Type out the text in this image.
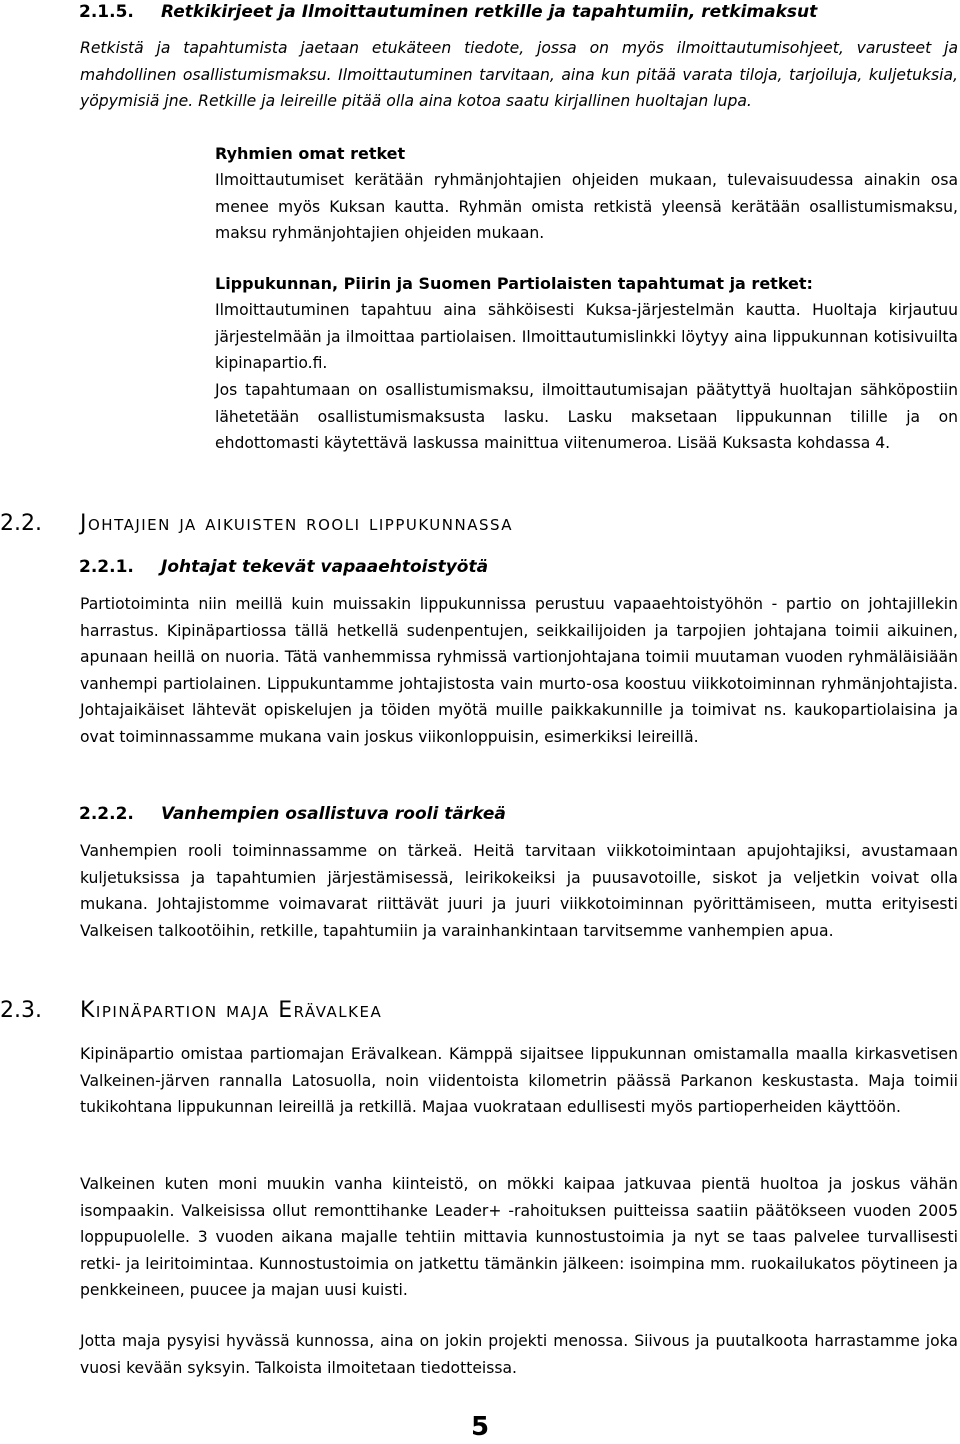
2.1.5. Retkikirjeet ja Ilmoittautuminen retkille ja tapahtumiin, retkimaksut
Retkistä ja tapahtumista jaetaan etukäteen tiedote, jossa on myös ilmoittautumisohjeet, varusteet ja mahdollinen osallistumismaksu. Ilmoittautuminen tarvitaan, aina kun pitää varata tiloja, tarjoiluja, kuljetuksia, yöpymisiä jne. Retkille ja leireille pitää olla aina kotoa saatu kirjallinen huoltajan lupa.
Ryhmien omat retket
Ilmoittautumiset kerätään ryhmänjohtajien ohjeiden mukaan, tulevaisuudessa ainakin osa menee myös Kuksan kautta. Ryhmän omista retkistä yleensä kerätään osallistumismaksu, maksu ryhmänjohtajien ohjeiden mukaan.
Lippukunnan, Piirin ja Suomen Partiolaisten tapahtumat ja retket:
Ilmoittautuminen tapahtuu aina sähköisesti Kuksa-järjestelmän kautta. Huoltaja kirjautuu järjestelmään ja ilmoittaa partiolaisen. Ilmoittautumislinkki löytyy aina lippukunnan kotisivuilta kipinapartio.fi.
Jos tapahtumaan on osallistumismaksu, ilmoittautumisajan päätyttyä huoltajan sähköpostiin lähetetään osallistumismaksusta lasku. Lasku maksetaan lippukunnan tilille ja on ehdottomasti käytettävä laskussa mainittua viitenumeroa. Lisää Kuksasta kohdassa 4.
2.2. Johtajien ja aikuisten rooli lippukunnassa
2.2.1. Johtajat tekevät vapaaehtoistyötä
Partiotoiminta niin meillä kuin muissakin lippukunnissa perustuu vapaaehtoistyöhön - partio on johtajillekin harrastus. Kipinäpartiossa tällä hetkellä sudenpentujen, seikkailijoiden ja tarpojien johtajana toimii aikuinen, apunaan heillä on nuoria. Tätä vanhemmissa ryhmissä vartionjohtajana toimii muutaman vuoden ryhmäläisiään vanhempi partiolainen. Lippukuntamme johtajistosta vain murto-osa koostuu viikkotoiminnan ryhmänjohtajista. Johtajaikäiset lähtevät opiskelujen ja töiden myötä muille paikkakunnille ja toimivat ns. kaukopartiolaisina ja ovat toiminnassamme mukana vain joskus viikonloppuisin, esimerkiksi leireillä.
2.2.2. Vanhempien osallistuva rooli tärkeä
Vanhempien rooli toiminnassamme on tärkeä. Heitä tarvitaan viikkotoimintaan apujohtajiksi, avustamaan kuljetuksissa ja tapahtumien järjestämisessä, leirikokeiksi ja puusavotoille, siskot ja veljetkin voivat olla mukana. Johtajistomme voimavarat riittävät juuri ja juuri viikkotoiminnan pyörittämiseen, mutta erityisesti Valkeisen talkootöihin, retkille, tapahtumiin ja varainhankintaan tarvitsemme vanhempien apua.
2.3. Kipinäpartion maja Erävalkea
Kipinäpartio omistaa partiomajan Erävalkean. Kämppä sijaitsee lippukunnan omistamalla maalla kirkasvetisen Valkeinen-järven rannalla Latosuolla, noin viidentoista kilometrin päässä Parkanon keskustasta. Maja toimii tukikohtana lippukunnan leireillä ja retkillä. Majaa vuokrataan edullisesti myös partioperheiden käyttöön.
Valkeinen kuten moni muukin vanha kiinteistö, on mökki kaipaa jatkuvaa pientä huoltoa ja joskus vähän isompaakin. Valkeisissa ollut remonttihanke Leader+ -rahoituksen puitteissa saatiin päätökseen vuoden 2005 loppupuolelle. 3 vuoden aikana majalle tehtiin mittavia kunnostustoimia ja nyt se taas palvelee turvallisesti retki- ja leiritoimintaa. Kunnostustoimia on jatkettu tämänkin jälkeen: isoimpina mm. ruokailukatos pöytineen ja penkkeineen, puucee ja majan uusi kuisti.
Jotta maja pysyisi hyvässä kunnossa, aina on jokin projekti menossa. Siivous ja puutalkoota harrastamme joka vuosi kevään syksyin. Talkoista ilmoitetaan tiedotteissa.
5
